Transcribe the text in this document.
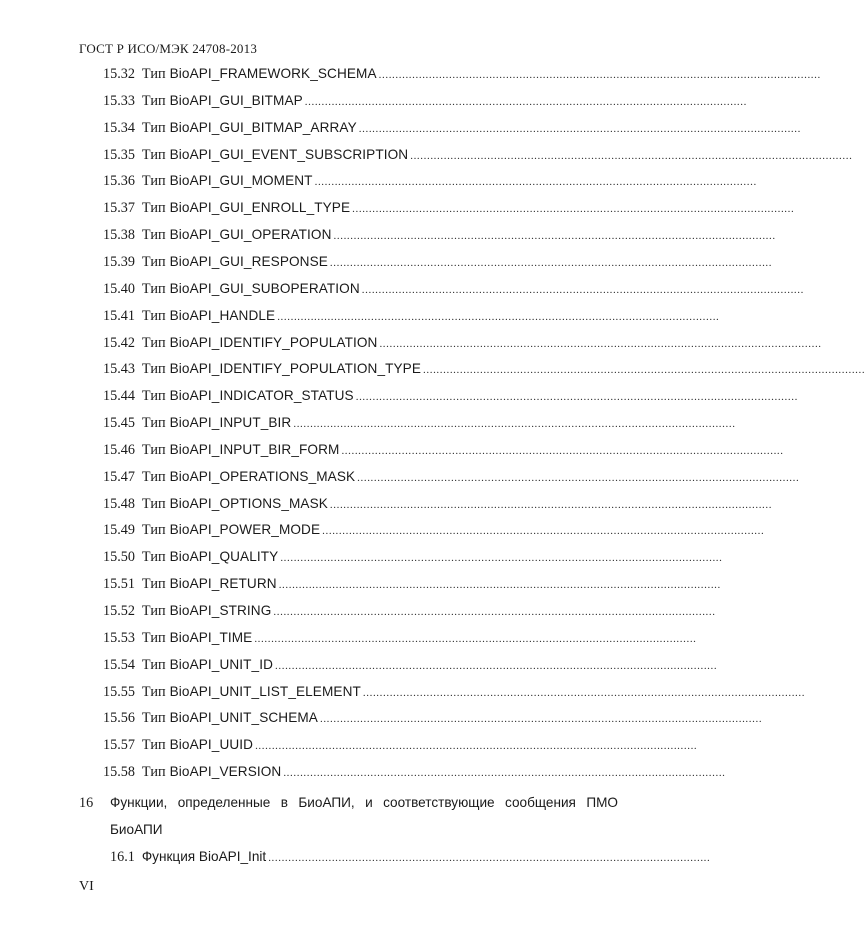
ГОСТ Р ИСО/МЭК 24708-2013
15.32 Тип BioAPI_FRAMEWORK_SCHEMA ....................................................................................................................................
15.33 Тип BioAPI_GUI_BITMAP ....................................................................................................................................
15.34 Тип BioAPI_GUI_BITMAP_ARRAY ....................................................................................................................................
15.35 Тип BioAPI_GUI_EVENT_SUBSCRIPTION ....................................................................................................................................
15.36 Тип BioAPI_GUI_MOMENT ....................................................................................................................................
15.37 Тип BioAPI_GUI_ENROLL_TYPE ....................................................................................................................................
15.38 Тип BioAPI_GUI_OPERATION ....................................................................................................................................
15.39 Тип BioAPI_GUI_RESPONSE ....................................................................................................................................
15.40 Тип BioAPI_GUI_SUBOPERATION ....................................................................................................................................
15.41 Тип BioAPI_HANDLE ....................................................................................................................................
15.42 Тип BioAPI_IDENTIFY_POPULATION ....................................................................................................................................
15.43 Тип BioAPI_IDENTIFY_POPULATION_TYPE ....................................................................................................................................
15.44 Тип BioAPI_INDICATOR_STATUS ....................................................................................................................................
15.45 Тип BioAPI_INPUT_BIR ....................................................................................................................................
15.46 Тип BioAPI_INPUT_BIR_FORM ....................................................................................................................................
15.47 Тип BioAPI_OPERATIONS_MASK ....................................................................................................................................
15.48 Тип BioAPI_OPTIONS_MASK ....................................................................................................................................
15.49 Тип BioAPI_POWER_MODE ....................................................................................................................................
15.50 Тип BioAPI_QUALITY ....................................................................................................................................
15.51 Тип BioAPI_RETURN ....................................................................................................................................
15.52 Тип BioAPI_STRING ....................................................................................................................................
15.53 Тип BioAPI_TIME ....................................................................................................................................
15.54 Тип BioAPI_UNIT_ID ....................................................................................................................................
15.55 Тип BioAPI_UNIT_LIST_ELEMENT ....................................................................................................................................
15.56 Тип BioAPI_UNIT_SCHEMA ....................................................................................................................................
15.57 Тип BioAPI_UUID ....................................................................................................................................
15.58 Тип BioAPI_VERSION ....................................................................................................................................
16 Функции, определенные в БиоАПИ, и соответствующие сообщения ПМО
БиоАПИ
16.1 Функция BioAPI_Init ....................................................................................................................................
VI
